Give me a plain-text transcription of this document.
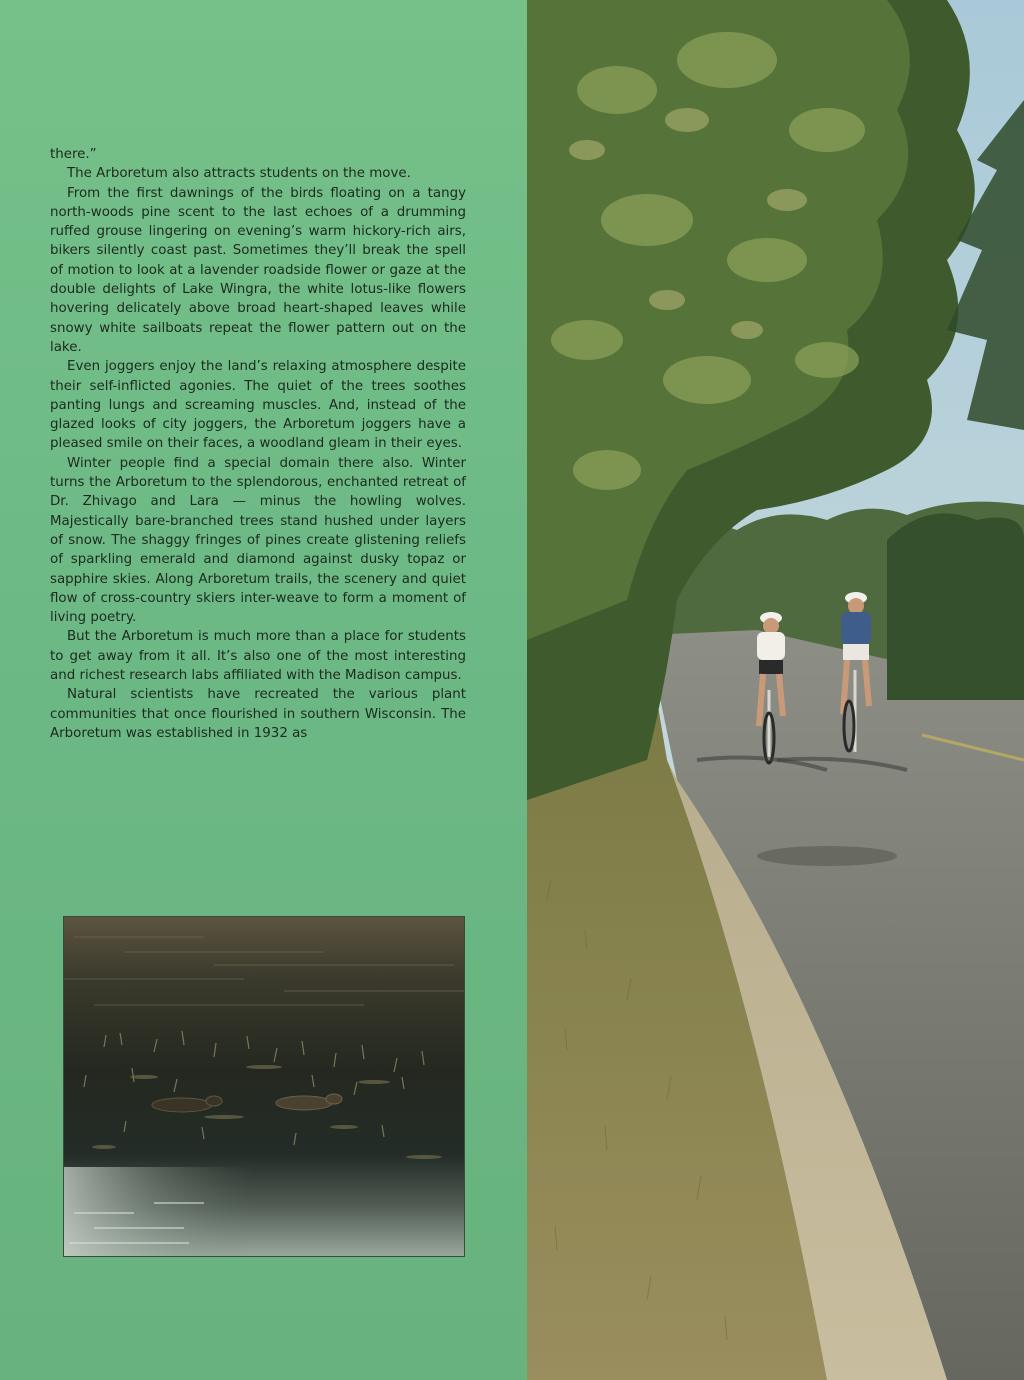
there.”

The Arboretum also attracts students on the move.

From the first dawnings of the birds floating on a tangy north-woods pine scent to the last echoes of a drumming ruffed grouse lingering on evening’s warm hickory-rich airs, bikers silently coast past. Sometimes they’ll break the spell of motion to look at a lavender roadside flower or gaze at the double delights of Lake Wingra, the white lotus-like flowers hovering delicately above broad heart-shaped leaves while snowy white sailboats repeat the flower pattern out on the lake.

Even joggers enjoy the land’s relaxing atmosphere despite their self-inflicted agonies. The quiet of the trees soothes panting lungs and screaming muscles. And, instead of the glazed looks of city joggers, the Arboretum joggers have a pleased smile on their faces, a woodland gleam in their eyes.

Winter people find a special domain there also. Winter turns the Arboretum to the splendorous, enchanted retreat of Dr. Zhivago and Lara — minus the howling wolves. Majestically bare-branched trees stand hushed under layers of snow. The shaggy fringes of pines create glistening reliefs of sparkling emerald and diamond against dusky topaz or sapphire skies. Along Arboretum trails, the scenery and quiet flow of cross-country skiers inter-weave to form a moment of living poetry.

But the Arboretum is much more than a place for students to get away from it all. It’s also one of the most interesting and richest research labs affiliated with the Madison campus.

Natural scientists have recreated the various plant communities that once flourished in southern Wisconsin. The Arboretum was established in 1932 as
